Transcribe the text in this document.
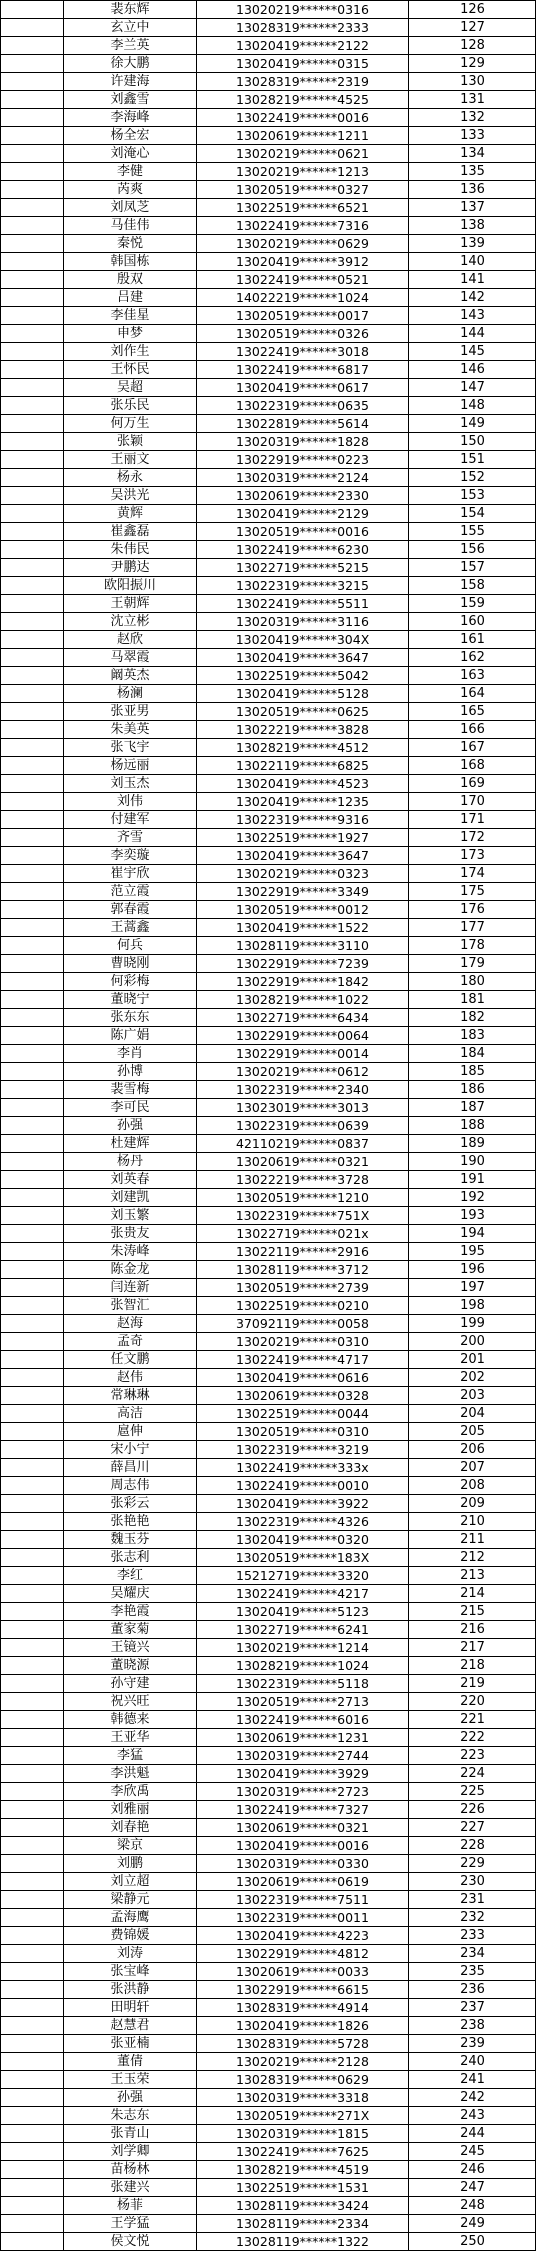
裴东辉	13020219******0316	126
玄立中	13028319******2333	127
李兰英	13020419******2122	128
徐大鹏	13020419******0315	129
许建海	13028319******2319	130
刘鑫雪	13028219******4525	131
李海峰	13022419******0016	132
杨全宏	13020619******1211	133
刘淹心	13020219******0621	134
李健	13020219******1213	135
芮爽	13020519******0327	136
刘凤芝	13022519******6521	137
马佳伟	13022419******7316	138
秦悦	13020219******0629	139
韩国栋	13020419******3912	140
殷双	13022419******0521	141
吕建	14022219******1024	142
李佳星	13020519******0017	143
申梦	13020519******0326	144
刘作生	13022419******3018	145
王怀民	13022419******6817	146
吴超	13020419******0617	147
张乐民	13022319******0635	148
何万生	13022819******5614	149
张颖	13020319******1828	150
王丽文	13022919******0223	151
杨永	13020319******2124	152
吴洪光	13020619******2330	153
黄辉	13020419******2129	154
崔鑫磊	13020519******0016	155
朱伟民	13022419******6230	156
尹鹏达	13022719******5215	157
欧阳振川	13022319******3215	158
王朝辉	13022419******5511	159
沈立彬	13020319******3116	160
赵欣	13020419******304X	161
马翠霞	13020419******3647	162
阚英杰	13022519******5042	163
杨澜	13020419******5128	164
张亚男	13020519******0625	165
朱美英	13022219******3828	166
张飞宇	13028219******4512	167
杨远丽	13022119******6825	168
刘玉杰	13020419******4523	169
刘伟	13020419******1235	170
付建军	13022319******9316	171
齐雪	13022519******1927	172
李奕璇	13020419******3647	173
崔宇欣	13020219******0323	174
范立霞	13022919******3349	175
郭春霞	13020519******0012	176
王蒿鑫	13020419******1522	177
何兵	13028119******3110	178
曹晓刚	13022919******7239	179
何彩梅	13022919******1842	180
董晓宁	13028219******1022	181
张东东	13022719******6434	182
陈广娟	13022919******0064	183
李肖	13022919******0014	184
孙博	13020219******0612	185
裴雪梅	13022319******2340	186
李可民	13023019******3013	187
孙强	13022319******0639	188
杜建辉	42110219******0837	189
杨丹	13020619******0321	190
刘英春	13022219******3728	191
刘建凯	13020519******1210	192
刘玉繁	13022319******751X	193
张贵友	13022719******021x	194
朱涛峰	13022119******2916	195
陈金龙	13028119******3712	196
闫连新	13020519******2739	197
张智汇	13022519******0210	198
赵海	37092119******0058	199
孟奇	13020219******0310	200
任文鹏	13022419******4717	201
赵伟	13020419******0616	202
常琳琳	13020619******0328	203
高洁	13022519******0044	204
扈伸	13020519******0310	205
宋小宁	13022319******3219	206
薛昌川	13022419******333x	207
周志伟	13022419******0010	208
张彩云	13020419******3922	209
张艳艳	13022319******4326	210
魏玉芬	13020419******0320	211
张志利	13020519******183X	212
李红	15212719******3320	213
吴耀庆	13022419******4217	214
李艳霞	13020419******5123	215
董家菊	13022719******6241	216
王镜兴	13020219******1214	217
董晓源	13028219******1024	218
孙守建	13022319******5118	219
祝兴旺	13020519******2713	220
韩德来	13022419******6016	221
王亚华	13020619******1231	222
李猛	13020319******2744	223
李洪魁	13020419******3929	224
李欣禹	13020319******2723	225
刘雅丽	13022419******7327	226
刘春艳	13020619******0321	227
梁京	13020419******0016	228
刘鹏	13020319******0330	229
刘立超	13020619******0619	230
梁静元	13022319******7511	231
孟海鹰	13022319******0011	232
费锦媛	13020419******4223	233
刘涛	13022919******4812	234
张宝峰	13020619******0033	235
张洪静	13022919******6615	236
田明轩	13028319******4914	237
赵慧君	13020419******1826	238
张亚楠	13028319******5728	239
董倩	13020219******2128	240
王玉荣	13028319******0629	241
孙强	13020319******3318	242
朱志东	13020519******271X	243
张青山	13020319******1815	244
刘学卿	13022419******7625	245
苗杨林	13028219******4519	246
张建兴	13022519******1531	247
杨菲	13028119******3424	248
王学猛	13028119******2334	249
侯文悦	13028119******1322	250
